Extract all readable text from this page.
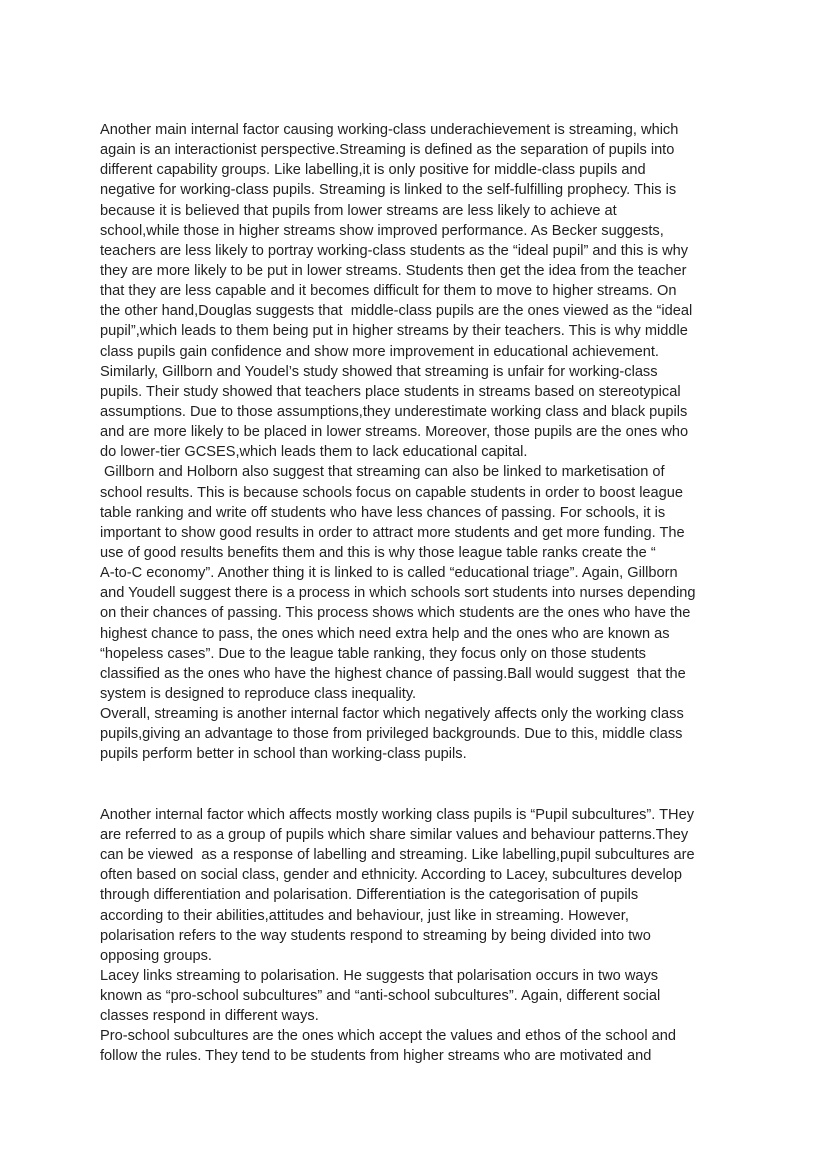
Another main internal factor causing working-class underachievement is streaming, which
again is an interactionist perspective.Streaming is defined as the separation of pupils into
different capability groups. Like labelling,it is only positive for middle-class pupils and
negative for working-class pupils. Streaming is linked to the self-fulfilling prophecy. This is
because it is believed that pupils from lower streams are less likely to achieve at
school,while those in higher streams show improved performance. As Becker suggests,
teachers are less likely to portray working-class students as the “ideal pupil” and this is why
they are more likely to be put in lower streams. Students then get the idea from the teacher
that they are less capable and it becomes difficult for them to move to higher streams. On
the other hand,Douglas suggests that  middle-class pupils are the ones viewed as the “ideal
pupil”,which leads to them being put in higher streams by their teachers. This is why middle
class pupils gain confidence and show more improvement in educational achievement.
Similarly, Gillborn and Youdel’s study showed that streaming is unfair for working-class
pupils. Their study showed that teachers place students in streams based on stereotypical
assumptions. Due to those assumptions,they underestimate working class and black pupils
and are more likely to be placed in lower streams. Moreover, those pupils are the ones who
do lower-tier GCSES,which leads them to lack educational capital.
Gillborn and Holborn also suggest that streaming can also be linked to marketisation of
school results. This is because schools focus on capable students in order to boost league
table ranking and write off students who have less chances of passing. For schools, it is
important to show good results in order to attract more students and get more funding. The
use of good results benefits them and this is why those league table ranks create the “
A-to-C economy”. Another thing it is linked to is called “educational triage”. Again, Gillborn
and Youdell suggest there is a process in which schools sort students into nurses depending
on their chances of passing. This process shows which students are the ones who have the
highest chance to pass, the ones which need extra help and the ones who are known as
“hopeless cases”. Due to the league table ranking, they focus only on those students
classified as the ones who have the highest chance of passing.Ball would suggest  that the
system is designed to reproduce class inequality.
Overall, streaming is another internal factor which negatively affects only the working class
pupils,giving an advantage to those from privileged backgrounds. Due to this, middle class
pupils perform better in school than working-class pupils.
Another internal factor which affects mostly working class pupils is “Pupil subcultures”. THey
are referred to as a group of pupils which share similar values and behaviour patterns.They
can be viewed  as a response of labelling and streaming. Like labelling,pupil subcultures are
often based on social class, gender and ethnicity. According to Lacey, subcultures develop
through differentiation and polarisation. Differentiation is the categorisation of pupils
according to their abilities,attitudes and behaviour, just like in streaming. However,
polarisation refers to the way students respond to streaming by being divided into two
opposing groups.
Lacey links streaming to polarisation. He suggests that polarisation occurs in two ways
known as “pro-school subcultures” and “anti-school subcultures”. Again, different social
classes respond in different ways.
Pro-school subcultures are the ones which accept the values and ethos of the school and
follow the rules. They tend to be students from higher streams who are motivated and
